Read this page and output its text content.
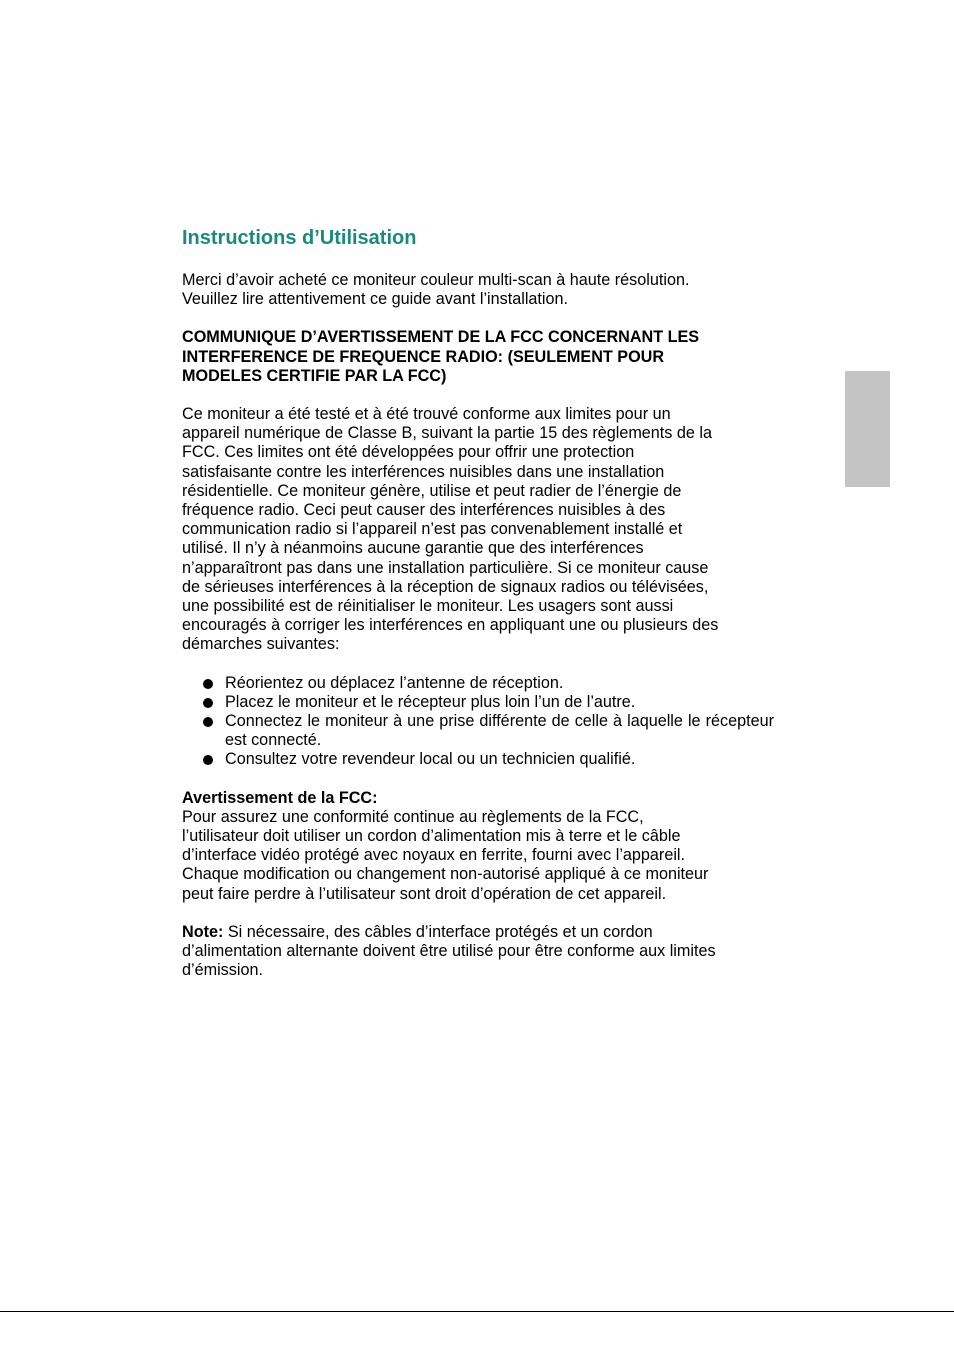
Instructions d’Utilisation

Merci d’avoir acheté ce moniteur couleur multi-scan à haute résolution.
Veuillez lire attentivement ce guide avant l’installation.

COMMUNIQUE D’AVERTISSEMENT DE LA FCC CONCERNANT LES
INTERFERENCE DE FREQUENCE RADIO: (SEULEMENT POUR
MODELES CERTIFIE PAR LA FCC)

Ce moniteur a été testé et à été trouvé conforme aux limites pour un
appareil numérique de Classe B, suivant la partie 15 des règlements de la
FCC. Ces limites ont été développées pour offrir une protection
satisfaisante contre les interférences nuisibles dans une installation
résidentielle. Ce moniteur génère, utilise et peut radier de l’énergie de
fréquence radio. Ceci peut causer des interférences nuisibles à des
communication radio si l’appareil n’est pas convenablement installé et
utilisé. Il n’y à néanmoins aucune garantie que des interférences
n’apparaîtront pas dans une installation particulière. Si ce moniteur cause
de sérieuses interférences à la réception de signaux radios ou télévisées,
une possibilité est de réinitialiser le moniteur. Les usagers sont aussi
encouragés à corriger les interférences en appliquant une ou plusieurs des
démarches suivantes:

Réorientez ou déplacez l’antenne de réception.
Placez le moniteur et le récepteur plus loin l’un de l’autre.
Connectez le moniteur à une prise différente de celle à laquelle le récepteur est connecté.
Consultez votre revendeur local ou un technicien qualifié.

Avertissement de la FCC:
Pour assurez une conformité continue au règlements de la FCC,
l’utilisateur doit utiliser un cordon d’alimentation mis à terre et le câble
d’interface vidéo protégé avec noyaux en ferrite, fourni avec l’appareil.
Chaque modification ou changement non-autorisé appliqué à ce moniteur
peut faire perdre à l’utilisateur sont droit d’opération de cet appareil.

Note: Si nécessaire, des câbles d’interface protégés et un cordon
d’alimentation alternante doivent être utilisé pour être conforme aux limites
d’émission.
